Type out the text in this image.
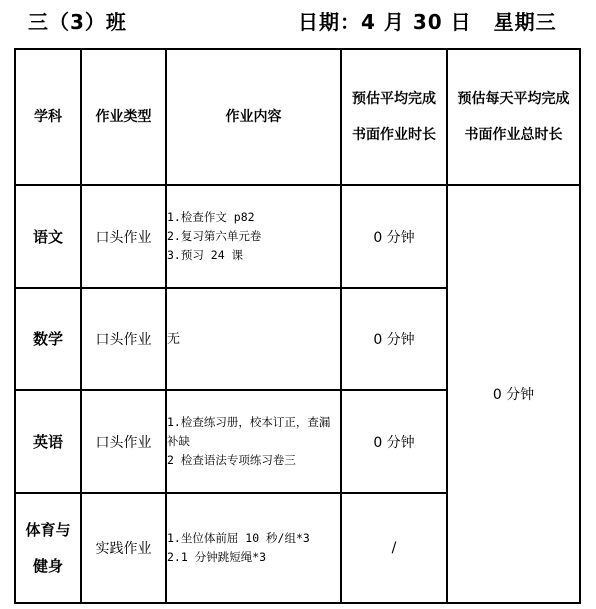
三（3）班	日期：4 月 30 日 星期三
学科	作业类型	作业内容	预估平均完成书面作业时长	预估每天平均完成书面作业总时长
语文	口头作业	1.检查作文 p82
2.复习第六单元卷
3.预习 24 课	0 分钟	0 分钟
数学	口头作业	无	0 分钟	
英语	口头作业	1.检查练习册，校本订正，查漏补缺
2 检查语法专项练习卷三	0 分钟	
体育与健身	实践作业	1.坐位体前屈 10 秒/组*3
2.1 分钟跳短绳*3	/	
